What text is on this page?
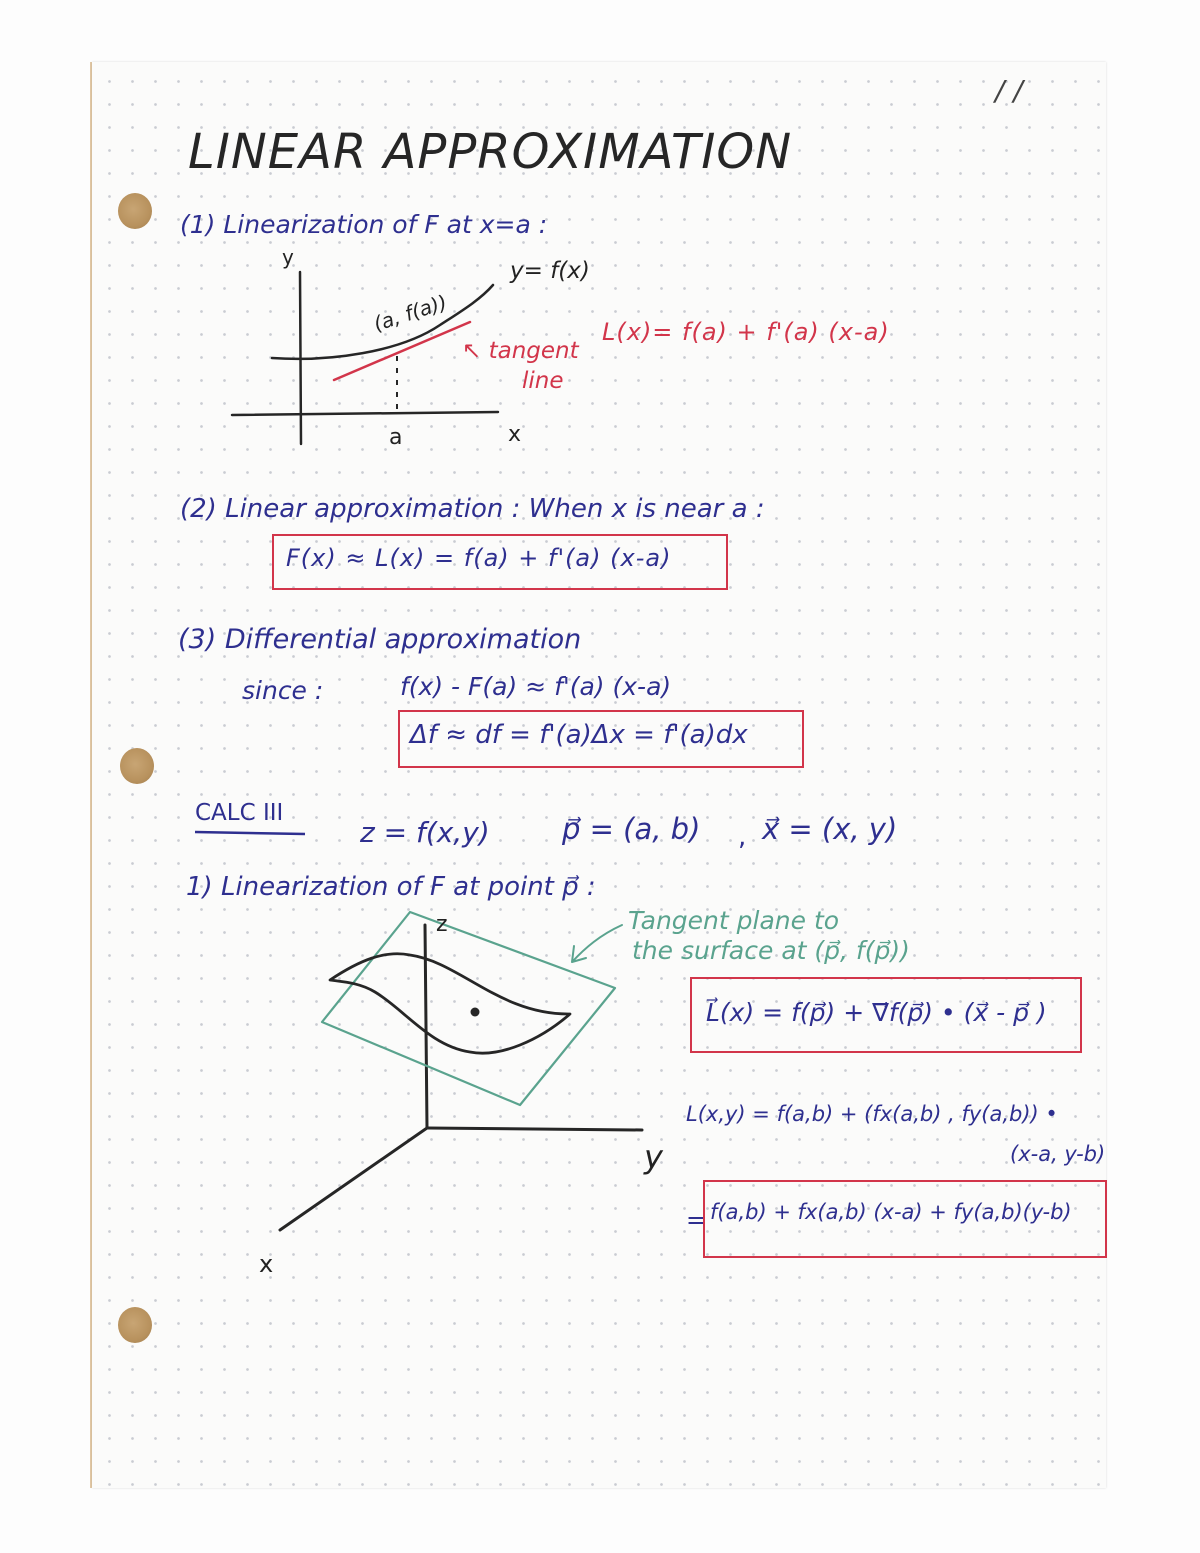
/ /
LINEAR APPROXIMATION
(1) Linearization of F at x=a :
y
y= f(x)
(a, f(a))
↖ tangent
line
a	x
L(x)= f(a) + f'(a) (x-a)
(2) Linear approximation : When x is near a :
F(x) ≈ L(x) = f(a) + f'(a) (x-a)
(3) Differential approximation
since :	f(x) - F(a) ≈ f'(a) (x-a)
Δf ≈ df = f'(a)Δx = f'(a)dx
CALC III
z = f(x,y) p⃗ = (a, b) , x⃗ = (x, y)
1) Linearization of F at point p⃗ :
z
y
x
Tangent plane to
the surface at (p⃗, f(p⃗))
L⃗(x) = f(p⃗) + ∇⃗f(p⃗) • (x⃗ - p⃗ )
L(x,y) = f(a,b) + (fx(a,b) , fy(a,b)) •
(x-a, y-b)
= f(a,b) + fx(a,b) (x-a) + fy(a,b)(y-b)
